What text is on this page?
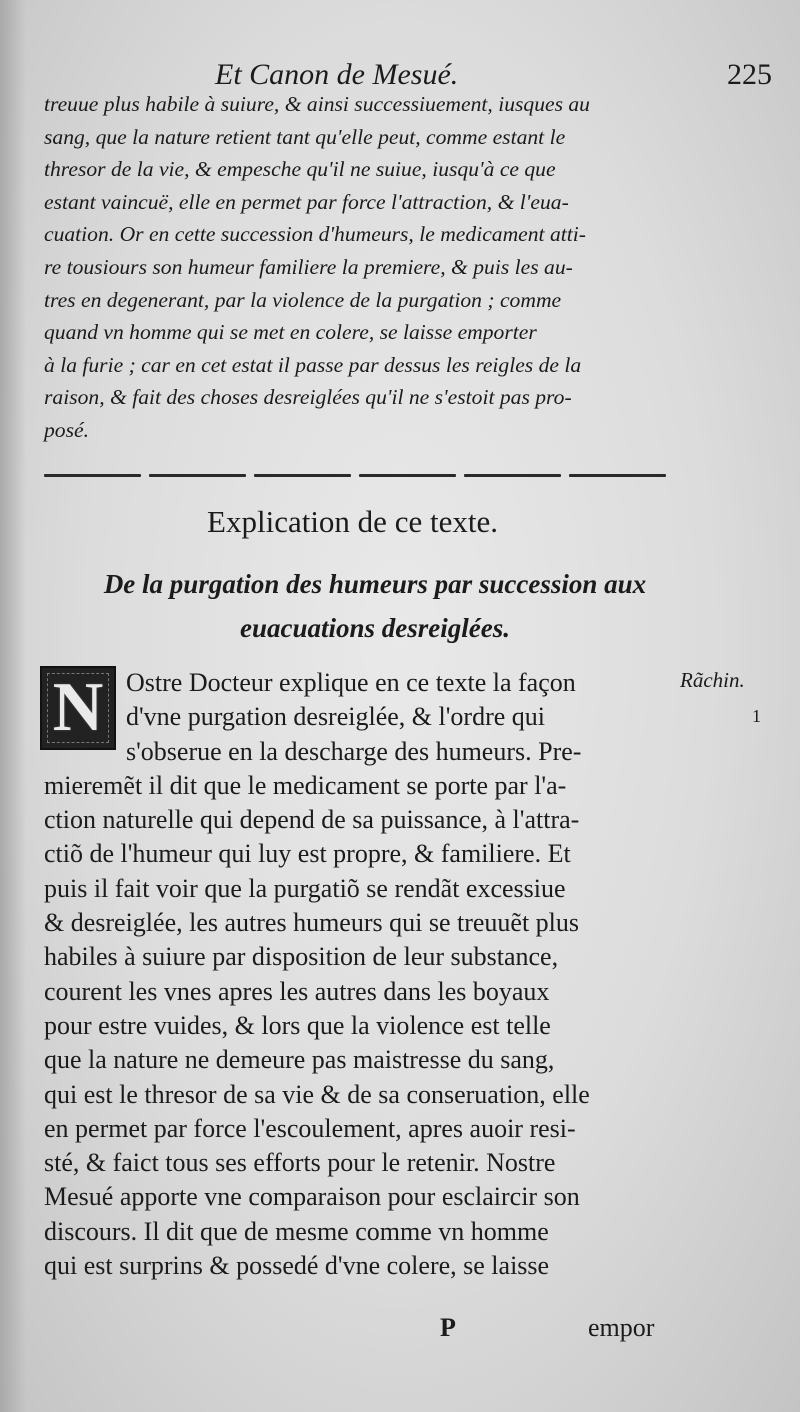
Et Canon de Mesué.	225
treuue plus habile à suiure, & ainsi successiuement, iusques au
sang, que la nature retient tant qu'elle peut, comme estant le
thresor de la vie, & empesche qu'il ne suiue, iusqu'à ce que
estant vaincuë, elle en permet par force l'attraction, & l'eua-
cuation. Or en cette succession d'humeurs, le medicament atti-
re tousiours son humeur familiere la premiere, & puis les au-
tres en degenerant, par la violence de la purgation ; comme
quand vn homme qui se met en colere, se laisse emporter
à la furie ; car en cet estat il passe par dessus les reigles de la
raison, & fait des choses desreiglées qu'il ne s'estoit pas pro-
posé.
Explication de ce texte.
De la purgation des humeurs par succession aux
euacuations desreiglées.
N Ostre Docteur explique en ce texte la façon
d'vne purgation desreiglée, & l'ordre qui
s'obserue en la descharge des humeurs. Pre-
mieremẽt il dit que le medicament se porte par l'a-
ction naturelle qui depend de sa puissance, à l'attra-
ctiõ de l'humeur qui luy est propre, & familiere. Et
puis il fait voir que la purgatiõ se rendãt excessiue
& desreiglée, les autres humeurs qui se treuuẽt plus
habiles à suiure par disposition de leur substance,
courent les vnes apres les autres dans les boyaux
pour estre vuides, & lors que la violence est telle
que la nature ne demeure pas maistresse du sang,
qui est le thresor de sa vie & de sa conseruation, elle
en permet par force l'escoulement, apres auoir resi-
sté, & faict tous ses efforts pour le retenir. Nostre
Mesué apporte vne comparaison pour esclaircir son
discours. Il dit que de mesme comme vn homme
qui est surprins & possedé d'vne colere, se laisse
Rãchin.
1
P	empor
